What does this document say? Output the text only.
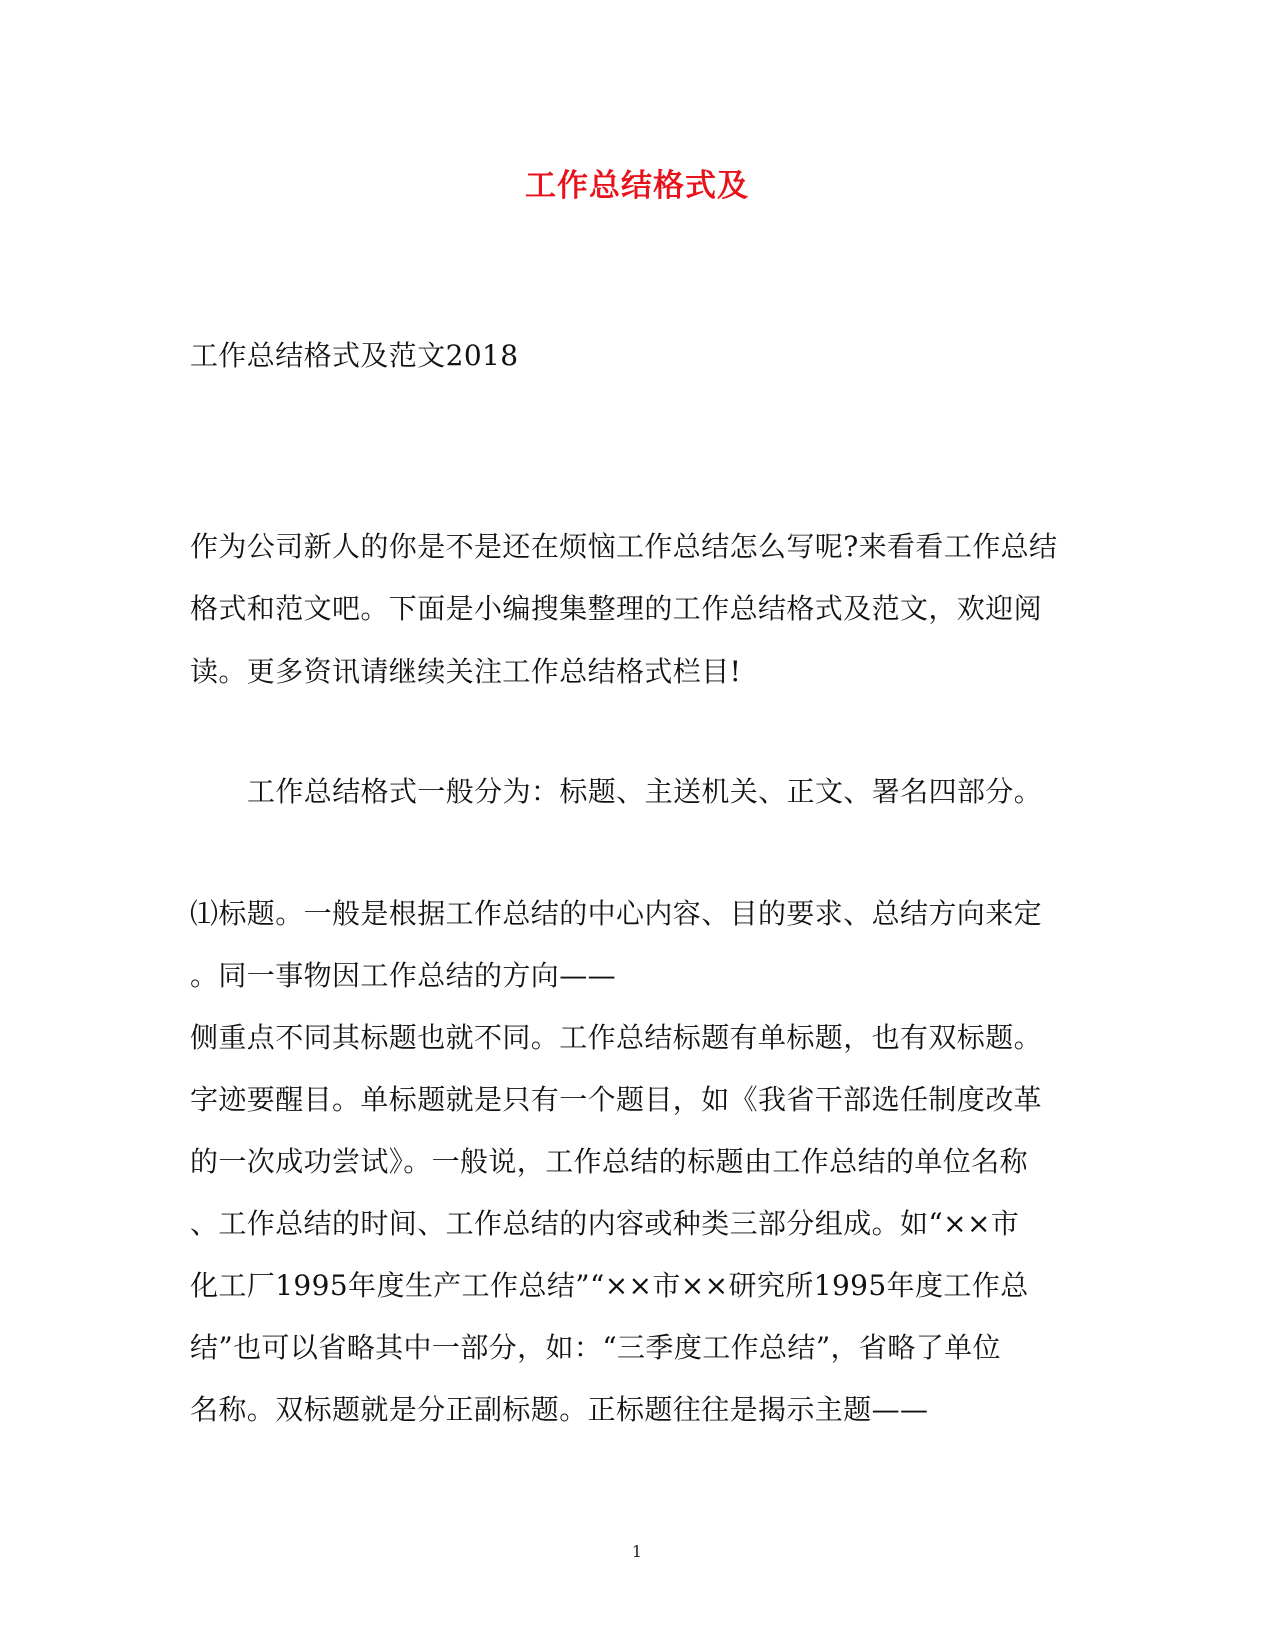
工作总结格式及
工作总结格式及范文2018
作为公司新人的你是不是还在烦恼工作总结怎么写呢?来看看工作总结
格式和范文吧。下面是小编搜集整理的工作总结格式及范文，欢迎阅
读。更多资讯请继续关注工作总结格式栏目!
工作总结格式一般分为：标题、主送机关、正文、署名四部分。
⑴标题。一般是根据工作总结的中心内容、目的要求、总结方向来定
。同一事物因工作总结的方向——
侧重点不同其标题也就不同。工作总结标题有单标题，也有双标题。
字迹要醒目。单标题就是只有一个题目，如《我省干部选任制度改革
的一次成功尝试》。一般说，工作总结的标题由工作总结的单位名称
、工作总结的时间、工作总结的内容或种类三部分组成。如“××市
化工厂1995年度生产工作总结”“××市××研究所1995年度工作总
结”也可以省略其中一部分，如：“三季度工作总结”，省略了单位
名称。双标题就是分正副标题。正标题往往是揭示主题——
1
